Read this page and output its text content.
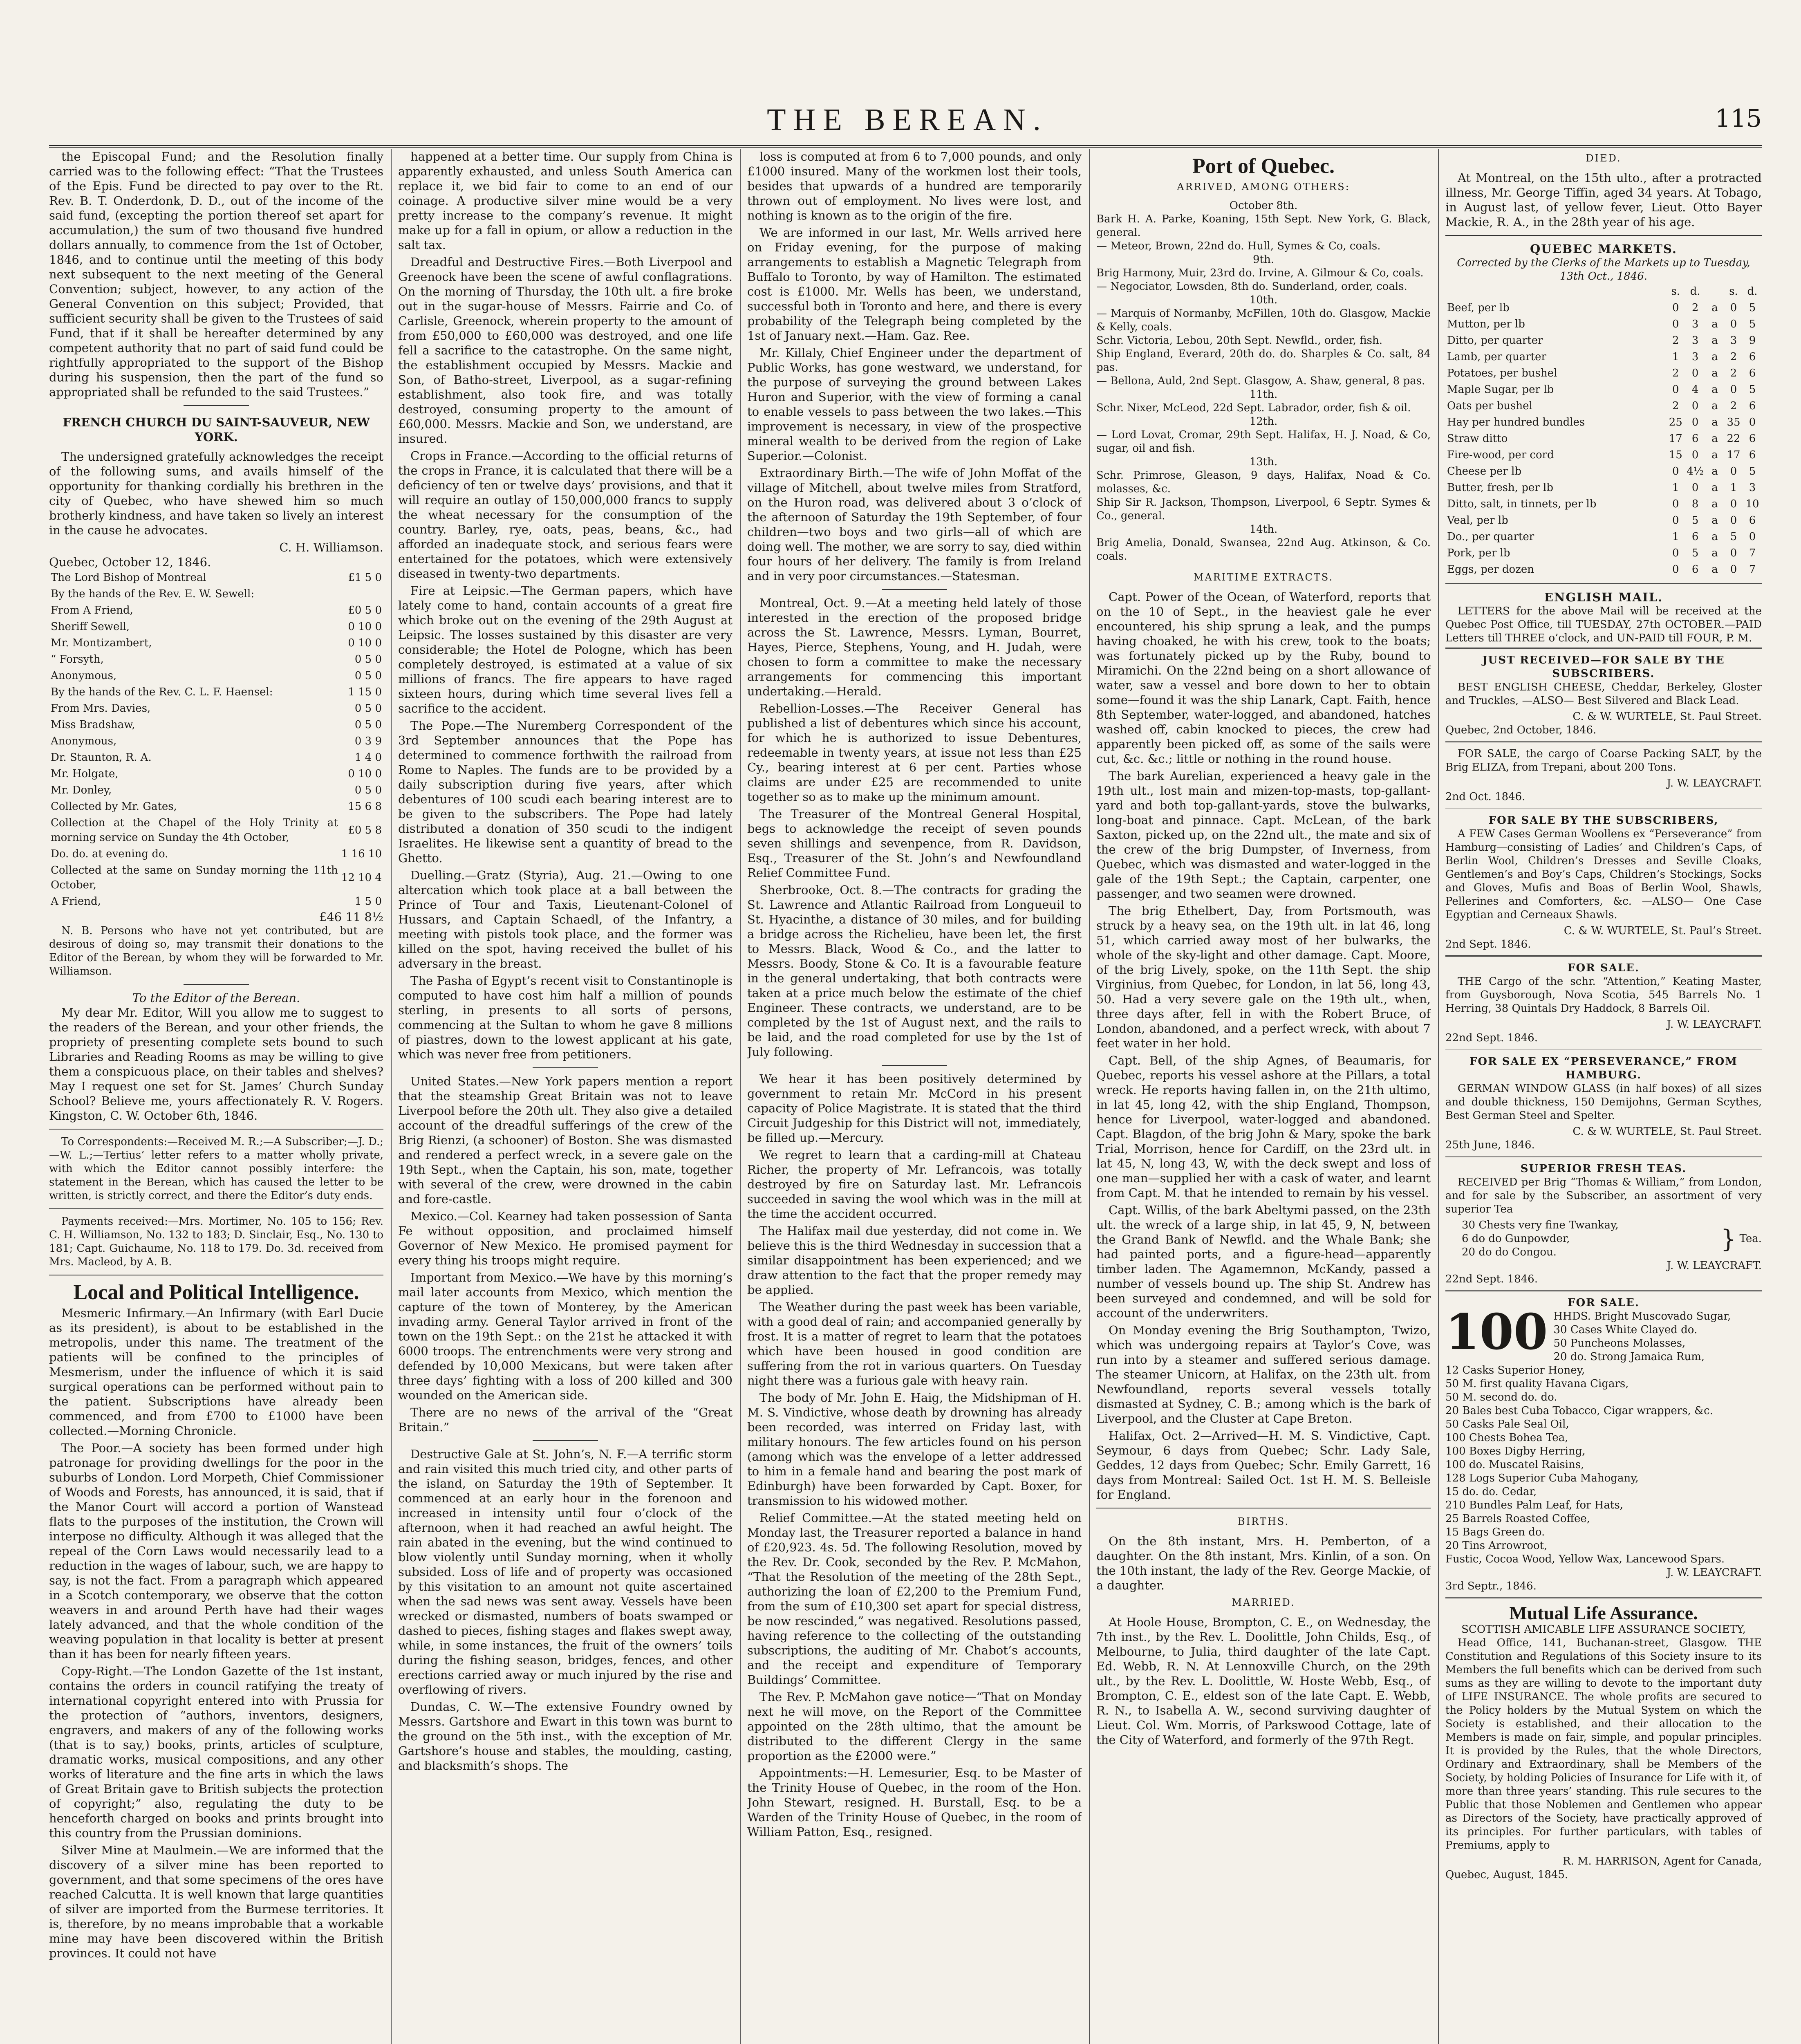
THE BEREAN.	115

the Episcopal Fund; and the Resolution finally carried was to the following effect: “That the Trustees of the Epis. Fund be directed to pay over to the Rt. Rev. B. T. Onderdonk, D. D., out of the income of the said fund, (excepting the portion thereof set apart for accumulation,) the sum of two thousand five hundred dollars annually, to commence from the 1st of October, 1846, and to continue until the meeting of this body next subsequent to the next meeting of the General Convention; subject, however, to any action of the General Convention on this subject; Provided, that sufficient security shall be given to the Trustees of said Fund, that if it shall be hereafter determined by any competent authority that no part of said fund could be rightfully appropriated to the support of the Bishop during his suspension, then the part of the fund so appropriated shall be refunded to the said Trustees.”

FRENCH CHURCH DU SAINT-SAUVEUR, NEW YORK.

The undersigned gratefully acknowledges the receipt of the following sums, and avails himself of the opportunity for thanking cordially his brethren in the city of Quebec, who have shewed him so much brotherly kindness, and have taken so lively an interest in the cause he advocates.

C. H. Williamson.
Quebec, October 12, 1846.
The Lord Bishop of Montreal	£1 5 0
By the hands of the Rev. E. W. Sewell:	
From A Friend,	£0 5 0
Sheriff Sewell,	0 10 0
Mr. Montizambert,	0 10 0
“ Forsyth,	0 5 0
Anonymous,	0 5 0
By the hands of the Rev. C. L. F. Haensel:	1 15 0
From Mrs. Davies,	0 5 0
Miss Bradshaw,	0 5 0
Anonymous,	0 3 9
Dr. Staunton, R. A.	1 4 0
Mr. Holgate,	0 10 0
Mr. Donley,	0 5 0
Collected by Mr. Gates,	15 6 8
Collection at the Chapel of the Holy Trinity at morning service on Sunday the 4th October,	£0 5 8
Do. do. at evening do.	1 16 10
Collected at the same on Sunday morning the 11th October,	12 10 4
A Friend,	1 5 0
£46 11 8½

N. B. Persons who have not yet contributed, but are desirous of doing so, may transmit their donations to the Editor of the Berean, by whom they will be forwarded to Mr. Williamson.

To the Editor of the Berean.

My dear Mr. Editor, Will you allow me to suggest to the readers of the Berean, and your other friends, the propriety of presenting complete sets bound to such Libraries and Reading Rooms as may be willing to give them a conspicuous place, on their tables and shelves? May I request one set for St. James’ Church Sunday School? Believe me, yours affectionately R. V. Rogers. Kingston, C. W. October 6th, 1846.

To Correspondents:—Received M. R.;—A Subscriber;—J. D.;—W. L.;—Tertius’ letter refers to a matter wholly private, with which the Editor cannot possibly interfere: the statement in the Berean, which has caused the letter to be written, is strictly correct, and there the Editor’s duty ends.

Payments received:—Mrs. Mortimer, No. 105 to 156; Rev. C. H. Williamson, No. 132 to 183; D. Sinclair, Esq., No. 130 to 181; Capt. Guichaume, No. 118 to 179. Do. 3d. received from Mrs. Macleod, by A. B.

Local and Political Intelligence.

Mesmeric Infirmary.—An Infirmary (with Earl Ducie as its president), is about to be established in the metropolis, under this name. The treatment of the patients will be confined to the principles of Mesmerism, under the influence of which it is said surgical operations can be performed without pain to the patient. Subscriptions have already been commenced, and from £700 to £1000 have been collected.—Morning Chronicle.

The Poor.—A society has been formed under high patronage for providing dwellings for the poor in the suburbs of London. Lord Morpeth, Chief Commissioner of Woods and Forests, has announced, it is said, that if the Manor Court will accord a portion of Wanstead flats to the purposes of the institution, the Crown will interpose no difficulty. Although it was alleged that the repeal of the Corn Laws would necessarily lead to a reduction in the wages of labour, such, we are happy to say, is not the fact. From a paragraph which appeared in a Scotch contemporary, we observe that the cotton weavers in and around Perth have had their wages lately advanced, and that the whole condition of the weaving population in that locality is better at present than it has been for nearly fifteen years.

Copy-Right.—The London Gazette of the 1st instant, contains the orders in council ratifying the treaty of international copyright entered into with Prussia for the protection of “authors, inventors, designers, engravers, and makers of any of the following works (that is to say,) books, prints, articles of sculpture, dramatic works, musical compositions, and any other works of literature and the fine arts in which the laws of Great Britain gave to British subjects the protection of copyright;” also, regulating the duty to be henceforth charged on books and prints brought into this country from the Prussian dominions.

Silver Mine at Maulmein.—We are informed that the discovery of a silver mine has been reported to government, and that some specimens of the ores have reached Calcutta. It is well known that large quantities of silver are imported from the Burmese territories. It is, therefore, by no means improbable that a workable mine may have been discovered within the British provinces. It could not have

happened at a better time. Our supply from China is apparently exhausted, and unless South America can replace it, we bid fair to come to an end of our coinage. A productive silver mine would be a very pretty increase to the company’s revenue. It might make up for a fall in opium, or allow a reduction in the salt tax.

Dreadful and Destructive Fires.—Both Liverpool and Greenock have been the scene of awful conflagrations. On the morning of Thursday, the 10th ult. a fire broke out in the sugar-house of Messrs. Fairrie and Co. of Carlisle, Greenock, wherein property to the amount of from £50,000 to £60,000 was destroyed, and one life fell a sacrifice to the catastrophe. On the same night, the establishment occupied by Messrs. Mackie and Son, of Batho-street, Liverpool, as a sugar-refining establishment, also took fire, and was totally destroyed, consuming property to the amount of £60,000. Messrs. Mackie and Son, we understand, are insured.

Crops in France.—According to the official returns of the crops in France, it is calculated that there will be a deficiency of ten or twelve days’ provisions, and that it will require an outlay of 150,000,000 francs to supply the wheat necessary for the consumption of the country. Barley, rye, oats, peas, beans, &c., had afforded an inadequate stock, and serious fears were entertained for the potatoes, which were extensively diseased in twenty-two departments.

Fire at Leipsic.—The German papers, which have lately come to hand, contain accounts of a great fire which broke out on the evening of the 29th August at Leipsic. The losses sustained by this disaster are very considerable; the Hotel de Pologne, which has been completely destroyed, is estimated at a value of six millions of francs. The fire appears to have raged sixteen hours, during which time several lives fell a sacrifice to the accident.

The Pope.—The Nuremberg Correspondent of the 3rd September announces that the Pope has determined to commence forthwith the railroad from Rome to Naples. The funds are to be provided by a daily subscription during five years, after which debentures of 100 scudi each bearing interest are to be given to the subscribers. The Pope had lately distributed a donation of 350 scudi to the indigent Israelites. He likewise sent a quantity of bread to the Ghetto.

Duelling.—Gratz (Styria), Aug. 21.—Owing to one altercation which took place at a ball between the Prince of Tour and Taxis, Lieutenant-Colonel of Hussars, and Captain Schaedl, of the Infantry, a meeting with pistols took place, and the former was killed on the spot, having received the bullet of his adversary in the breast.

The Pasha of Egypt’s recent visit to Constantinople is computed to have cost him half a million of pounds sterling, in presents to all sorts of persons, commencing at the Sultan to whom he gave 8 millions of piastres, down to the lowest applicant at his gate, which was never free from petitioners.

United States.—New York papers mention a report that the steamship Great Britain was not to leave Liverpool before the 20th ult. They also give a detailed account of the dreadful sufferings of the crew of the Brig Rienzi, (a schooner) of Boston. She was dismasted and rendered a perfect wreck, in a severe gale on the 19th Sept., when the Captain, his son, mate, together with several of the crew, were drowned in the cabin and fore-castle.

Mexico.—Col. Kearney had taken possession of Santa Fe without opposition, and proclaimed himself Governor of New Mexico. He promised payment for every thing his troops might require.

Important from Mexico.—We have by this morning’s mail later accounts from Mexico, which mention the capture of the town of Monterey, by the American invading army. General Taylor arrived in front of the town on the 19th Sept.: on the 21st he attacked it with 6000 troops. The entrenchments were very strong and defended by 10,000 Mexicans, but were taken after three days’ fighting with a loss of 200 killed and 300 wounded on the American side.

There are no news of the arrival of the “Great Britain.”

Destructive Gale at St. John’s, N. F.—A terrific storm and rain visited this much tried city, and other parts of the island, on Saturday the 19th of September. It commenced at an early hour in the forenoon and increased in intensity until four o’clock of the afternoon, when it had reached an awful height. The rain abated in the evening, but the wind continued to blow violently until Sunday morning, when it wholly subsided. Loss of life and of property was occasioned by this visitation to an amount not quite ascertained when the sad news was sent away. Vessels have been wrecked or dismasted, numbers of boats swamped or dashed to pieces, fishing stages and flakes swept away, while, in some instances, the fruit of the owners’ toils during the fishing season, bridges, fences, and other erections carried away or much injured by the rise and overflowing of rivers.

Dundas, C. W.—The extensive Foundry owned by Messrs. Gartshore and Ewart in this town was burnt to the ground on the 5th inst., with the exception of Mr. Gartshore’s house and stables, the moulding, casting, and blacksmith’s shops. The

loss is computed at from 6 to 7,000 pounds, and only £1000 insured. Many of the workmen lost their tools, besides that upwards of a hundred are temporarily thrown out of employment. No lives were lost, and nothing is known as to the origin of the fire.

We are informed in our last, Mr. Wells arrived here on Friday evening, for the purpose of making arrangements to establish a Magnetic Telegraph from Buffalo to Toronto, by way of Hamilton. The estimated cost is £1000. Mr. Wells has been, we understand, successful both in Toronto and here, and there is every probability of the Telegraph being completed by the 1st of January next.—Ham. Gaz. Ree.

Mr. Killaly, Chief Engineer under the department of Public Works, has gone westward, we understand, for the purpose of surveying the ground between Lakes Huron and Superior, with the view of forming a canal to enable vessels to pass between the two lakes.—This improvement is necessary, in view of the prospective mineral wealth to be derived from the region of Lake Superior.—Colonist.

Extraordinary Birth.—The wife of John Moffat of the village of Mitchell, about twelve miles from Stratford, on the Huron road, was delivered about 3 o’clock of the afternoon of Saturday the 19th September, of four children—two boys and two girls—all of which are doing well. The mother, we are sorry to say, died within four hours of her delivery. The family is from Ireland and in very poor circumstances.—Statesman.

Montreal, Oct. 9.—At a meeting held lately of those interested in the erection of the proposed bridge across the St. Lawrence, Messrs. Lyman, Bourret, Hayes, Pierce, Stephens, Young, and H. Judah, were chosen to form a committee to make the necessary arrangements for commencing this important undertaking.—Herald.

Rebellion-Losses.—The Receiver General has published a list of debentures which since his account, for which he is authorized to issue Debentures, redeemable in twenty years, at issue not less than £25 Cy., bearing interest at 6 per cent. Parties whose claims are under £25 are recommended to unite together so as to make up the minimum amount.

The Treasurer of the Montreal General Hospital, begs to acknowledge the receipt of seven pounds seven shillings and sevenpence, from R. Davidson, Esq., Treasurer of the St. John’s and Newfoundland Relief Committee Fund.

Sherbrooke, Oct. 8.—The contracts for grading the St. Lawrence and Atlantic Railroad from Longueuil to St. Hyacinthe, a distance of 30 miles, and for building a bridge across the Richelieu, have been let, the first to Messrs. Black, Wood & Co., and the latter to Messrs. Boody, Stone & Co. It is a favourable feature in the general undertaking, that both contracts were taken at a price much below the estimate of the chief Engineer. These contracts, we understand, are to be completed by the 1st of August next, and the rails to be laid, and the road completed for use by the 1st of July following.

We hear it has been positively determined by government to retain Mr. McCord in his present capacity of Police Magistrate. It is stated that the third Circuit Judgeship for this District will not, immediately, be filled up.—Mercury.

We regret to learn that a carding-mill at Chateau Richer, the property of Mr. Lefrancois, was totally destroyed by fire on Saturday last. Mr. Lefrancois succeeded in saving the wool which was in the mill at the time the accident occurred.

The Halifax mail due yesterday, did not come in. We believe this is the third Wednesday in succession that a similar disappointment has been experienced; and we draw attention to the fact that the proper remedy may be applied.

The Weather during the past week has been variable, with a good deal of rain; and accompanied generally by frost. It is a matter of regret to learn that the potatoes which have been housed in good condition are suffering from the rot in various quarters. On Tuesday night there was a furious gale with heavy rain.

The body of Mr. John E. Haig, the Midshipman of H. M. S. Vindictive, whose death by drowning has already been recorded, was interred on Friday last, with military honours. The few articles found on his person (among which was the envelope of a letter addressed to him in a female hand and bearing the post mark of Edinburgh) have been forwarded by Capt. Boxer, for transmission to his widowed mother.

Relief Committee.—At the stated meeting held on Monday last, the Treasurer reported a balance in hand of £20,923. 4s. 5d. The following Resolution, moved by the Rev. Dr. Cook, seconded by the Rev. P. McMahon, “That the Resolution of the meeting of the 28th Sept., authorizing the loan of £2,200 to the Premium Fund, from the sum of £10,300 set apart for special distress, be now rescinded,” was negatived. Resolutions passed, having reference to the collecting of the outstanding subscriptions, the auditing of Mr. Chabot’s accounts, and the receipt and expenditure of Temporary Buildings’ Committee.

The Rev. P. McMahon gave notice—“That on Monday next he will move, on the Report of the Committee appointed on the 28th ultimo, that the amount be distributed to the different Clergy in the same proportion as the £2000 were.”

Appointments:—H. Lemesurier, Esq. to be Master of the Trinity House of Quebec, in the room of the Hon. John Stewart, resigned. H. Burstall, Esq. to be a Warden of the Trinity House of Quebec, in the room of William Patton, Esq., resigned.

Port of Quebec.
ARRIVED, AMONG OTHERS:
October 8th.
Bark H. A. Parke, Koaning, 15th Sept. New York, G. Black, general.
— Meteor, Brown, 22nd do. Hull, Symes & Co, coals.
9th.
Brig Harmony, Muir, 23rd do. Irvine, A. Gilmour & Co, coals.
— Negociator, Lowsden, 8th do. Sunderland, order, coals.
10th.
— Marquis of Normanby, McFillen, 10th do. Glasgow, Mackie & Kelly, coals.
Schr. Victoria, Lebou, 20th Sept. Newfld., order, fish.
Ship England, Everard, 20th do. do. Sharples & Co. salt, 84 pas.
— Bellona, Auld, 2nd Sept. Glasgow, A. Shaw, general, 8 pas.
11th.
Schr. Nixer, McLeod, 22d Sept. Labrador, order, fish & oil.
12th.
— Lord Lovat, Cromar, 29th Sept. Halifax, H. J. Noad, & Co, sugar, oil and fish.
13th.
Schr. Primrose, Gleason, 9 days, Halifax, Noad & Co. molasses, &c.
Ship Sir R. Jackson, Thompson, Liverpool, 6 Septr. Symes & Co., general.
14th.
Brig Amelia, Donald, Swansea, 22nd Aug. Atkinson, & Co. coals.
MARITIME EXTRACTS.

Capt. Power of the Ocean, of Waterford, reports that on the 10 of Sept., in the heaviest gale he ever encountered, his ship sprung a leak, and the pumps having choaked, he with his crew, took to the boats; was fortunately picked up by the Ruby, bound to Miramichi. On the 22nd being on a short allowance of water, saw a vessel and bore down to her to obtain some—found it was the ship Lanark, Capt. Faith, hence 8th September, water-logged, and abandoned, hatches washed off, cabin knocked to pieces, the crew had apparently been picked off, as some of the sails were cut, &c. &c.; little or nothing in the round house.

The bark Aurelian, experienced a heavy gale in the 19th ult., lost main and mizen-top-masts, top-gallant-yard and both top-gallant-yards, stove the bulwarks, long-boat and pinnace. Capt. McLean, of the bark Saxton, picked up, on the 22nd ult., the mate and six of the crew of the brig Dumpster, of Inverness, from Quebec, which was dismasted and water-logged in the gale of the 19th Sept.; the Captain, carpenter, one passenger, and two seamen were drowned.

The brig Ethelbert, Day, from Portsmouth, was struck by a heavy sea, on the 19th ult. in lat 46, long 51, which carried away most of her bulwarks, the whole of the sky-light and other damage. Capt. Moore, of the brig Lively, spoke, on the 11th Sept. the ship Virginius, from Quebec, for London, in lat 56, long 43, 50. Had a very severe gale on the 19th ult., when, three days after, fell in with the Robert Bruce, of London, abandoned, and a perfect wreck, with about 7 feet water in her hold.

Capt. Bell, of the ship Agnes, of Beaumaris, for Quebec, reports his vessel ashore at the Pillars, a total wreck. He reports having fallen in, on the 21th ultimo, in lat 45, long 42, with the ship England, Thompson, hence for Liverpool, water-logged and abandoned. Capt. Blagdon, of the brig John & Mary, spoke the bark Trial, Morrison, hence for Cardiff, on the 23rd ult. in lat 45, N, long 43, W, with the deck swept and loss of one man—supplied her with a cask of water, and learnt from Capt. M. that he intended to remain by his vessel.

Capt. Willis, of the bark Abeltymi passed, on the 23th ult. the wreck of a large ship, in lat 45, 9, N, between the Grand Bank of Newfld. and the Whale Bank; she had painted ports, and a figure-head—apparently timber laden. The Agamemnon, McKandy, passed a number of vessels bound up. The ship St. Andrew has been surveyed and condemned, and will be sold for account of the underwriters.

On Monday evening the Brig Southampton, Twizo, which was undergoing repairs at Taylor’s Cove, was run into by a steamer and suffered serious damage. The steamer Unicorn, at Halifax, on the 23th ult. from Newfoundland, reports several vessels totally dismasted at Sydney, C. B.; among which is the bark of Liverpool, and the Cluster at Cape Breton.

Halifax, Oct. 2—Arrived—H. M. S. Vindictive, Capt. Seymour, 6 days from Quebec; Schr. Lady Sale, Geddes, 12 days from Quebec; Schr. Emily Garrett, 16 days from Montreal: Sailed Oct. 1st H. M. S. Belleisle for England.

BIRTHS.

On the 8th instant, Mrs. H. Pemberton, of a daughter. On the 8th instant, Mrs. Kinlin, of a son. On the 10th instant, the lady of the Rev. George Mackie, of a daughter.

MARRIED.

At Hoole House, Brompton, C. E., on Wednesday, the 7th inst., by the Rev. L. Doolittle, John Childs, Esq., of Melbourne, to Julia, third daughter of the late Capt. Ed. Webb, R. N. At Lennoxville Church, on the 29th ult., by the Rev. L. Doolittle, W. Hoste Webb, Esq., of Brompton, C. E., eldest son of the late Capt. E. Webb, R. N., to Isabella A. W., second surviving daughter of Lieut. Col. Wm. Morris, of Parkswood Cottage, late of the City of Waterford, and formerly of the 97th Regt.

DIED.

At Montreal, on the 15th ulto., after a protracted illness, Mr. George Tiffin, aged 34 years. At Tobago, in August last, of yellow fever, Lieut. Otto Bayer Mackie, R. A., in the 28th year of his age.

QUEBEC MARKETS.
Corrected by the Clerks of the Markets up to Tuesday, 13th Oct., 1846.
	s.	d.		s.	d.
Beef, per lb	0	2	a	0	5
Mutton, per lb	0	3	a	0	5
Ditto, per quarter	2	3	a	3	9
Lamb, per quarter	1	3	a	2	6
Potatoes, per bushel	2	0	a	2	6
Maple Sugar, per lb	0	4	a	0	5
Oats per bushel	2	0	a	2	6
Hay per hundred bundles	25	0	a	35	0
Straw ditto	17	6	a	22	6
Fire-wood, per cord	15	0	a	17	6
Cheese per lb	0	4½	a	0	5
Butter, fresh, per lb	1	0	a	1	3
Ditto, salt, in tinnets, per lb	0	8	a	0	10
Veal, per lb	0	5	a	0	6
Do., per quarter	1	6	a	5	0
Pork, per lb	0	5	a	0	7
Eggs, per dozen	0	6	a	0	7
ENGLISH MAIL.

LETTERS for the above Mail will be received at the Quebec Post Office, till TUESDAY, 27th OCTOBER.—PAID Letters till THREE o’clock, and UN-PAID till FOUR, P. M.

JUST RECEIVED—FOR SALE BY THE SUBSCRIBERS.

BEST ENGLISH CHEESE, Cheddar, Berkeley, Gloster and Truckles, —ALSO— Best Silvered and Black Lead.

C. & W. WURTELE, St. Paul Street.
Quebec, 2nd October, 1846.

FOR SALE, the cargo of Coarse Packing SALT, by the Brig ELIZA, from Trepani, about 200 Tons.

J. W. LEAYCRAFT.
2nd Oct. 1846.
FOR SALE BY THE SUBSCRIBERS,

A FEW Cases German Woollens ex “Perseverance” from Hamburg—consisting of Ladies’ and Children’s Caps, of Berlin Wool, Children’s Dresses and Seville Cloaks, Gentlemen’s and Boy’s Caps, Children’s Stockings, Socks and Gloves, Mufis and Boas of Berlin Wool, Shawls, Pellerines and Comforters, &c. —ALSO— One Case Egyptian and Cerneaux Shawls.

C. & W. WURTELE, St. Paul’s Street.
2nd Sept. 1846.
FOR SALE.

THE Cargo of the schr. “Attention,” Keating Master, from Guysborough, Nova Scotia, 545 Barrels No. 1 Herring, 38 Quintals Dry Haddock, 8 Barrels Oil.

J. W. LEAYCRAFT.
22nd Sept. 1846.
FOR SALE EX “PERSEVERANCE,” FROM HAMBURG.

GERMAN WINDOW GLASS (in half boxes) of all sizes and double thickness, 150 Demijohns, German Scythes, Best German Steel and Spelter.

C. & W. WURTELE, St. Paul Street.
25th June, 1846.
SUPERIOR FRESH TEAS.

RECEIVED per Brig “Thomas & William,” from London, and for sale by the Subscriber, an assortment of very superior Tea

30 Chests very fine Twankay,
6 do do Gunpowder,
20 do do Congou.	} Tea.
J. W. LEAYCRAFT.
22nd Sept. 1846.
FOR SALE.
100 HHDS. Bright Muscovado Sugar,
30 Cases White Clayed do.
50 Puncheons Molasses,
20 do. Strong Jamaica Rum,
12 Casks Superior Honey,
50 M. first quality Havana Cigars,
50 M. second do. do.
20 Bales best Cuba Tobacco, Cigar wrappers, &c.
50 Casks Pale Seal Oil,
100 Chests Bohea Tea,
100 Boxes Digby Herring,
100 do. Muscatel Raisins,
128 Logs Superior Cuba Mahogany,
15 do. do. Cedar,
210 Bundles Palm Leaf, for Hats,
25 Barrels Roasted Coffee,
15 Bags Green do.
20 Tins Arrowroot,
Fustic, Cocoa Wood, Yellow Wax, Lancewood Spars.
J. W. LEAYCRAFT.
3rd Septr., 1846.
Mutual Life Assurance.
SCOTTISH AMICABLE LIFE ASSURANCE SOCIETY,

Head Office, 141, Buchanan-street, Glasgow. THE Constitution and Regulations of this Society insure to its Members the full benefits which can be derived from such sums as they are willing to devote to the important duty of LIFE INSURANCE. The whole profits are secured to the Policy holders by the Mutual System on which the Society is established, and their allocation to the Members is made on fair, simple, and popular principles. It is provided by the Rules, that the whole Directors, Ordinary and Extraordinary, shall be Members of the Society, by holding Policies of Insurance for Life with it, of more than three years’ standing. This rule secures to the Public that those Noblemen and Gentlemen who appear as Directors of the Society, have practically approved of its principles. For further particulars, with tables of Premiums, apply to

R. M. HARRISON, Agent for Canada,
Quebec, August, 1845.
